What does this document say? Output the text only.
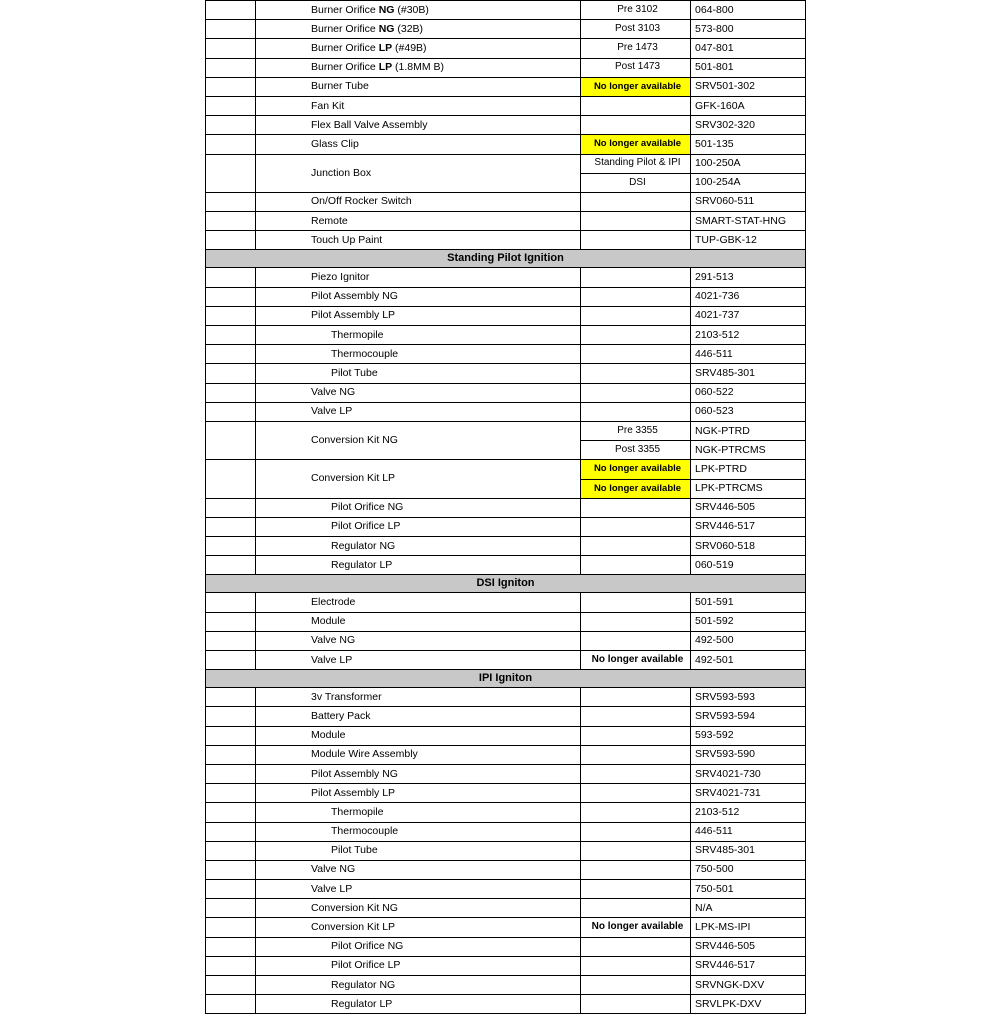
	Burner Orifice NG (#30B)	Pre 3102	064-800
	Burner Orifice NG (32B)	Post 3103	573-800
	Burner Orifice LP (#49B)	Pre 1473	047-801
	Burner Orifice LP (1.8MM B)	Post 1473	501-801
	Burner Tube	No longer available	SRV501-302
	Fan Kit		GFK-160A
	Flex Ball Valve Assembly		SRV302-320
	Glass Clip	No longer available	501-135
	Junction Box	Standing Pilot & IPI	100-250A
		DSI	100-254A
	On/Off Rocker Switch		SRV060-511
	Remote		SMART-STAT-HNG
	Touch Up Paint		TUP-GBK-12
Standing Pilot Ignition			
	Piezo Ignitor		291-513
	Pilot Assembly NG		4021-736
	Pilot Assembly LP		4021-737
	Thermopile		2103-512
	Thermocouple		446-511
	Pilot Tube		SRV485-301
	Valve NG		060-522
	Valve LP		060-523
	Conversion Kit NG	Pre 3355	NGK-PTRD
		Post 3355	NGK-PTRCMS
	Conversion Kit LP	No longer available	LPK-PTRD
		No longer available	LPK-PTRCMS
	Pilot Orifice NG		SRV446-505
	Pilot Orifice LP		SRV446-517
	Regulator NG		SRV060-518
	Regulator LP		060-519
DSI Igniton			
	Electrode		501-591
	Module		501-592
	Valve NG		492-500
	Valve LP	No longer available	492-501
IPI Igniton			
	3v Transformer		SRV593-593
	Battery Pack		SRV593-594
	Module		593-592
	Module Wire Assembly		SRV593-590
	Pilot Assembly NG		SRV4021-730
	Pilot Assembly LP		SRV4021-731
	Thermopile		2103-512
	Thermocouple		446-511
	Pilot Tube		SRV485-301
	Valve NG		750-500
	Valve LP		750-501
	Conversion Kit NG		N/A
	Conversion Kit LP	No longer available	LPK-MS-IPI
	Pilot Orifice NG		SRV446-505
	Pilot Orifice LP		SRV446-517
	Regulator NG		SRVNGK-DXV
	Regulator LP		SRVLPK-DXV
